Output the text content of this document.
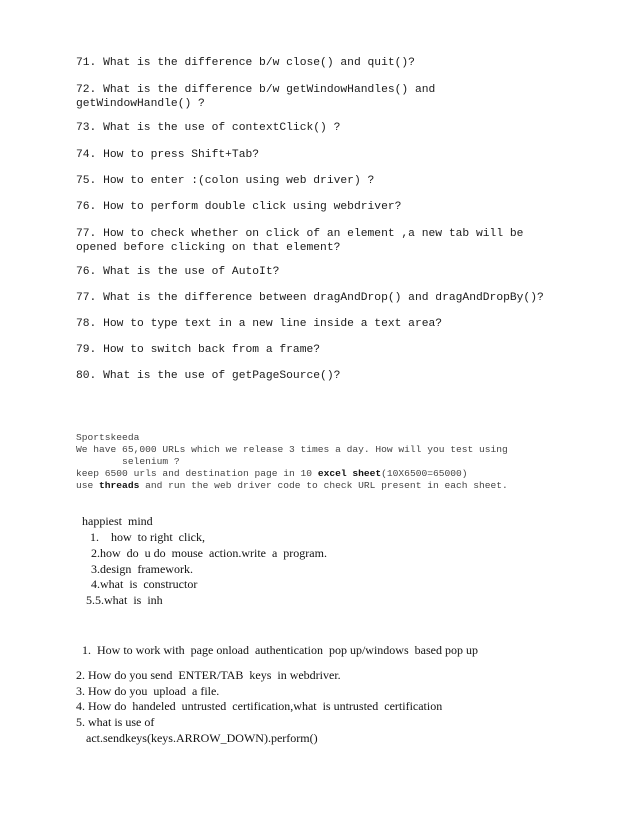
71. What is the difference b/w close() and quit()?
72. What is the difference b/w getWindowHandles() and
getWindowHandle() ?
73. What is the use of contextClick() ?
74. How to press Shift+Tab?
75. How to enter :(colon using web driver) ?
76. How to perform double click using webdriver?
77. How to check whether on click of an element ,a new tab will be
opened before clicking on that element?
76. What is the use of AutoIt?
77. What is the difference between dragAndDrop() and dragAndDropBy()?
78. How to type text in a new line inside a text area?
79. How to switch back from a frame?
80. What is the use of getPageSource()?
Sportskeeda
We have 65,000 URLs which we release 3 times a day. How will you test using
selenium ?
keep 6500 urls and destination page in 10 excel sheet(10X6500=65000)
use threads and run the web driver code to check URL present in each sheet.
happiest  mind
1.    how  to right  click,
2.how  do  u do  mouse  action.write  a  program.
3.design  framework.
4.what  is  constructor
5.5.what  is  inh
1.  How to work with  page onload  authentication  pop up/windows  based pop up
2. How do you send  ENTER/TAB  keys  in webdriver.
3. How do you  upload  a file.
4. How do  handeled  untrusted  certification,what  is untrusted  certification
5. what is use of
act.sendkeys(keys.ARROW_DOWN).perform()
